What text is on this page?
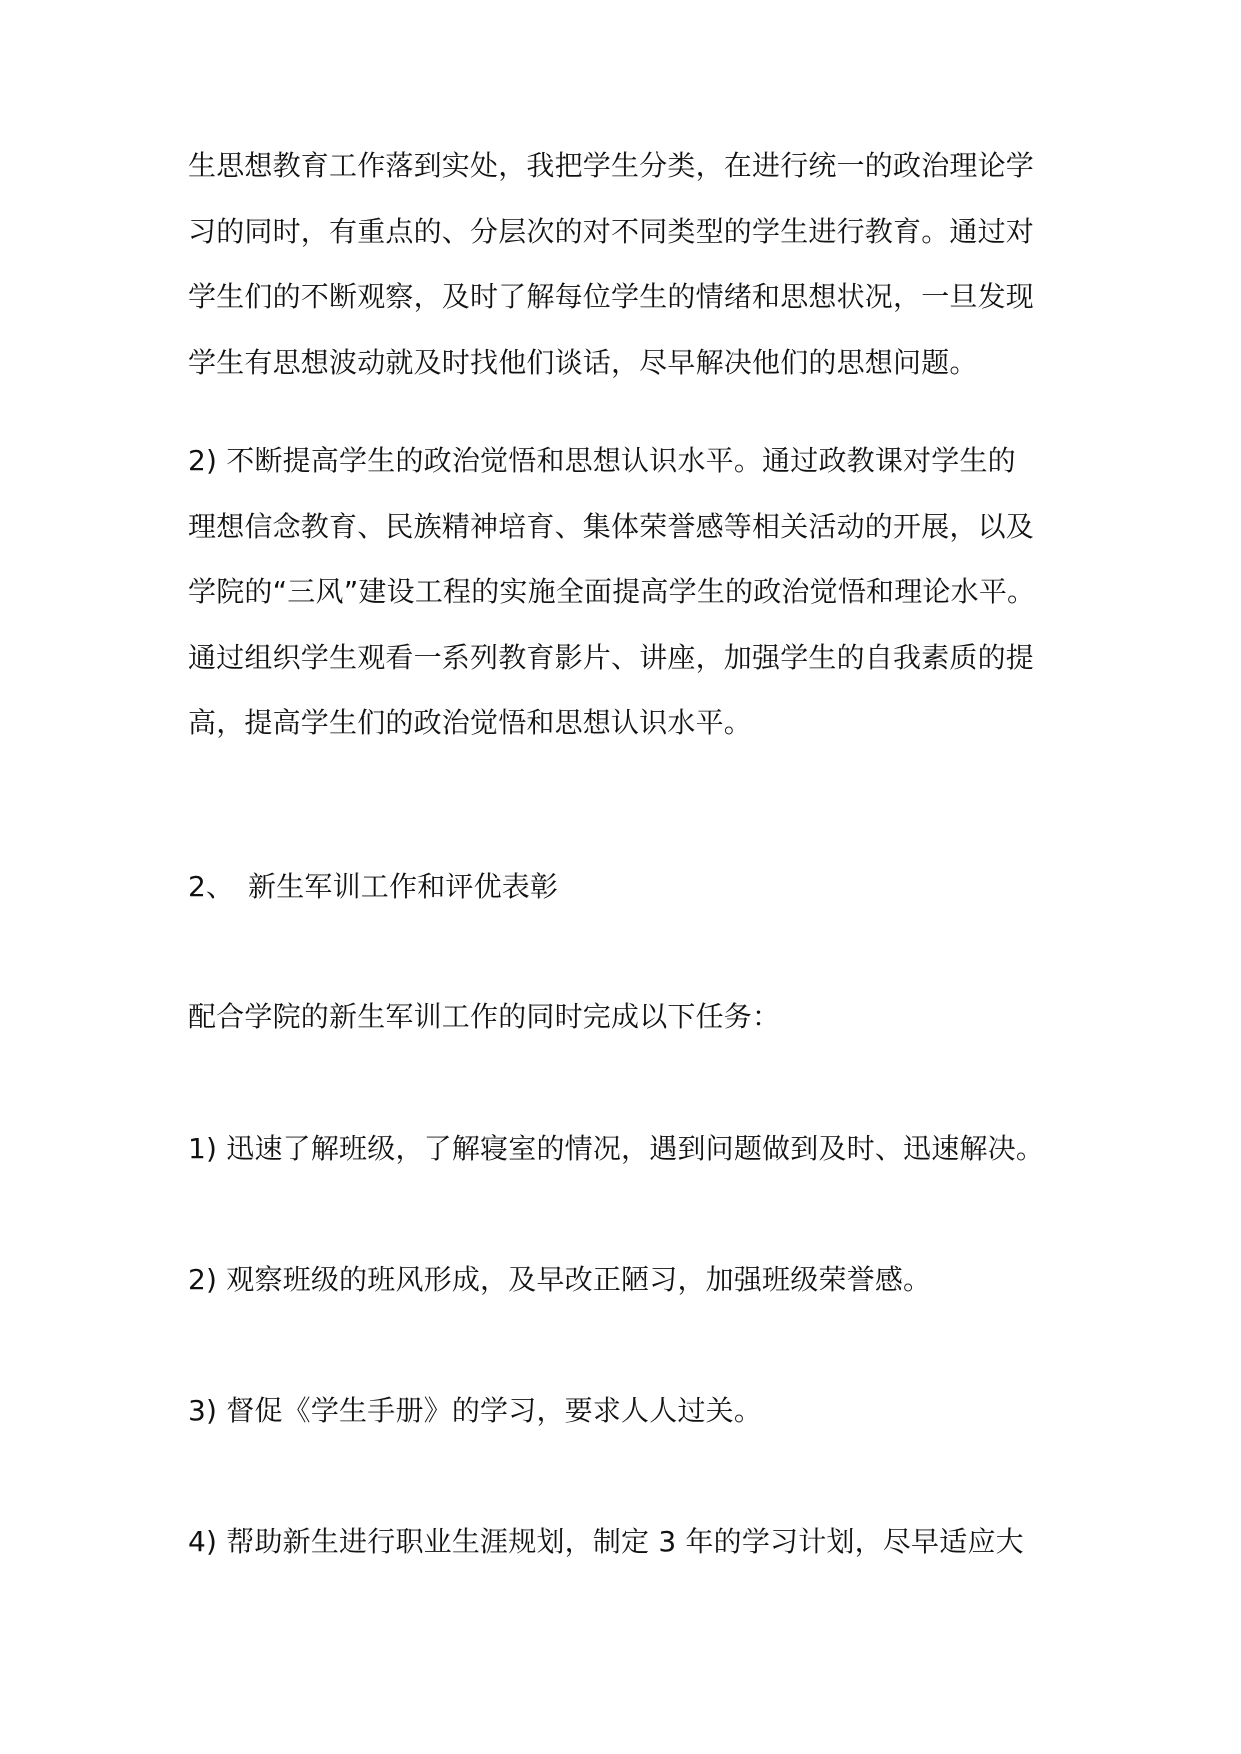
生思想教育工作落到实处，我把学生分类，在进行统一的政治理论学
习的同时，有重点的、分层次的对不同类型的学生进行教育。通过对
学生们的不断观察，及时了解每位学生的情绪和思想状况，一旦发现
学生有思想波动就及时找他们谈话，尽早解决他们的思想问题。
2) 不断提高学生的政治觉悟和思想认识水平。通过政教课对学生的
理想信念教育、民族精神培育、集体荣誉感等相关活动的开展，以及
学院的“三风”建设工程的实施全面提高学生的政治觉悟和理论水平。
通过组织学生观看一系列教育影片、讲座，加强学生的自我素质的提
高，提高学生们的政治觉悟和思想认识水平。
2、 新生军训工作和评优表彰
配合学院的新生军训工作的同时完成以下任务：
1) 迅速了解班级，了解寝室的情况，遇到问题做到及时、迅速解决。
2) 观察班级的班风形成，及早改正陋习，加强班级荣誉感。
3) 督促《学生手册》的学习，要求人人过关。
4) 帮助新生进行职业生涯规划，制定 3 年的学习计划，尽早适应大
